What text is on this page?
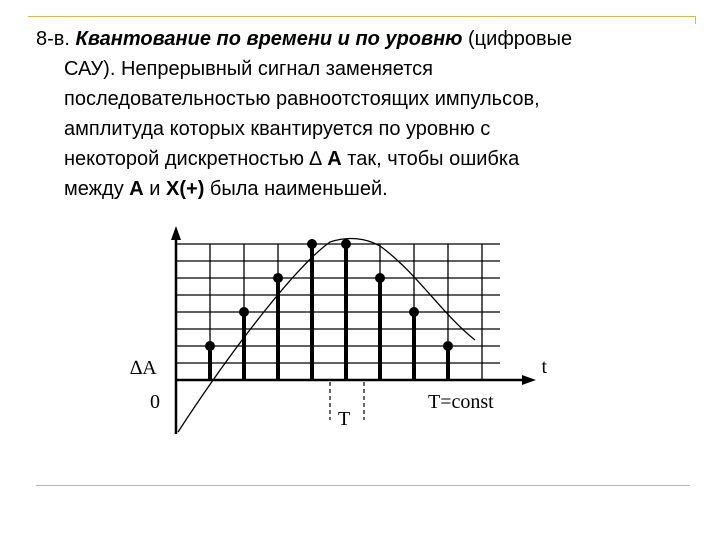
8-в. Квантование по времени и по уровню (цифровые
САУ). Непрерывный сигнал заменяется
последовательностью равноотстоящих импульсов,
амплитуда которых квантируется по уровню с
некоторой дискретностью ∆ A так, чтобы ошибка
между A и X(+) была наименьшей.
∆A
0
t
T
T=const
